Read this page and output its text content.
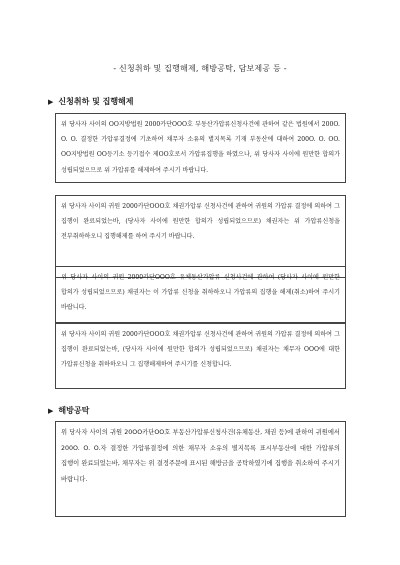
- 신청취하 및 집행해제, 해방공탁, 담보제공 등 -
▶ 신청취하 및 집행해제
위 당사자 사이의 OO지방법원 2000카단OOO호 부동산가압류신청사건에 관하여 같은 법원에서 200O. O. O. 결정한 가압류결정에 기초하여 채무자 소유의 별지목록 기재 부동산에 대하여 200O. O. OO. OO지방법원 OO등기소 등기접수 제OO호로서 가압류집행을 하였으나, 위 당사자 사이에 원만한 합의가 성립되었으므로 위 가압류를 해제하여 주시기 바랍니다.
위 당사자 사이의 귀원 2000카단OOO호 채권가압류 신청사건에 관하여 귀원의 가압류 결정에 의하여 그 집행이 완료되었는바, (당사자 사이에 원만한 합의가 성립되었으므로) 채권자는 위 가압류신청을 전부취하하오니 집행해제를 하여 주시기 바랍니다.
위 당사자 사이의 귀원 2000카단OOO호 유체동산가압류 신청사건에 관하여 (당사자 사이에 원만한 합의가 성립되었으므로) 채권자는 이 가압류 신청을 취하하오니 가압류의 집행을 해제(취소)하여 주시기 바랍니다.
위 당사자 사이의 귀원 2000카단OOO호 채권가압류 신청사건에 관하여 귀원의 가압류 결정에 의하여 그 집행이 완료되었는바, (당사자 사이에 원만한 합의가 성립되었으므로) 채권자는 채무자 OOO에 대한 가압류신청을 취하하오니 그 집행해제하여 주시기를 신청합니다.
▶ 해방공탁
위 당사자 사이의 귀원 20OO카단OO호 부동산가압류신청사건(유체동산, 채권 등)에 관하여 귀원에서 200O. O. O.자 결정한 가압류결정에 의한 채무자 소유의 별지목록 표시부동산에 대한 가압류의 집행이 완료되었는바, 채무자는 위 결정주문에 표시된 해방금을 공탁하였기에 집행을 취소하여 주시기 바랍니다.
